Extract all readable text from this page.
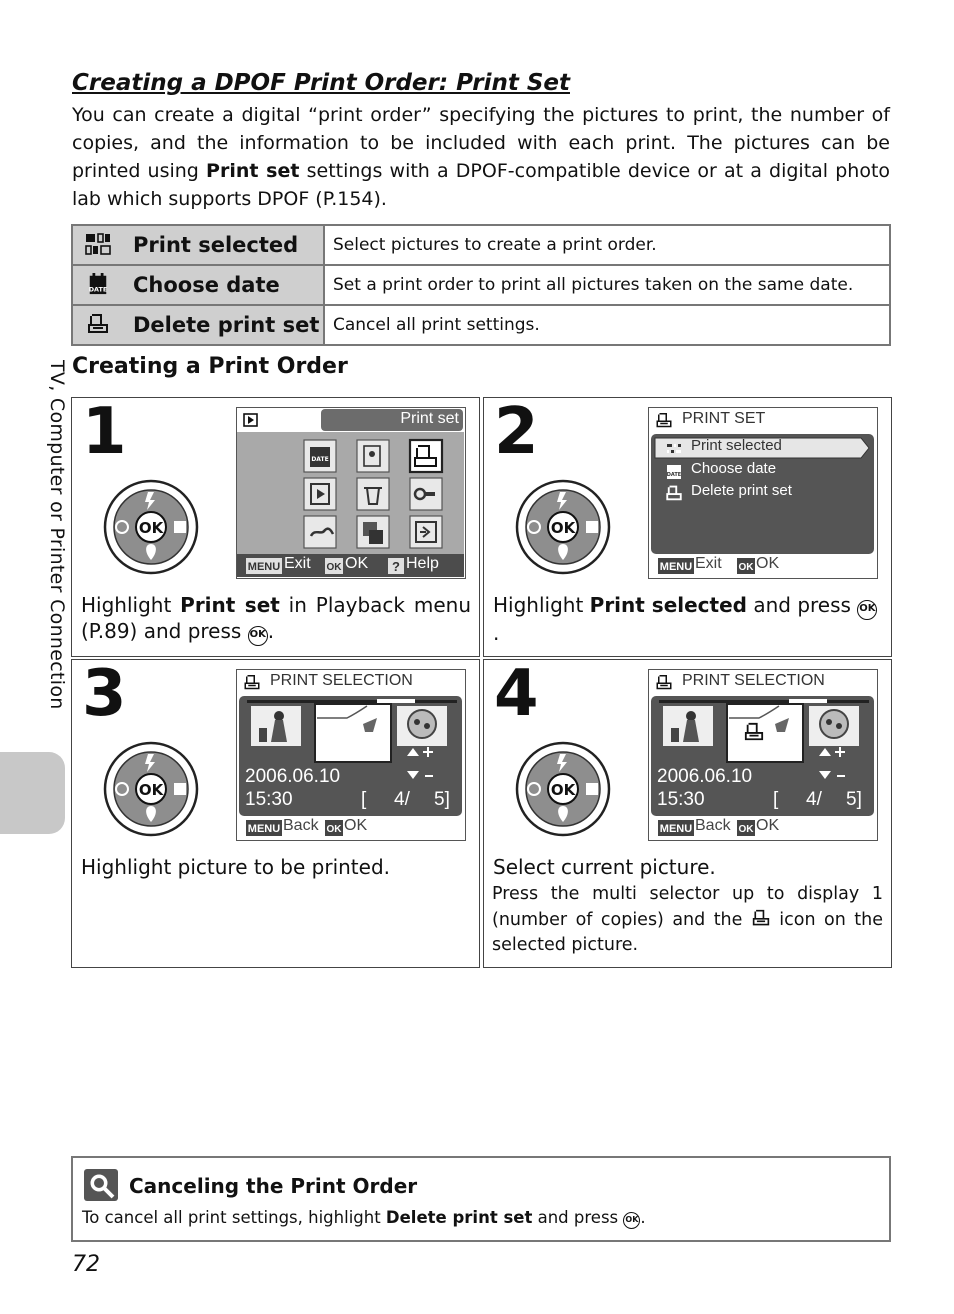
Creating a DPOF Print Order: Print Set

You can create a digital “print order” specifying the pictures to print, the number of copies, and the information to be included with each print. The pictures can be printed using Print set settings with a DPOF-compatible device or at a digital photo lab which supports DPOF (P.154).

Print selected	Select pictures to create a print order.

DATE Choose date	Set a print order to print all pictures taken on the same date.
Delete print set	Cancel all print settings.
TV, Computer or Printer Connection Creating a Print Order
1	DATE
MENU	OK	?
Print set
Exit OK Help

Highlight Print set in Playback menu (P.89) and press OK.

2
DATE
MENU	OK
PRINT SET
Print selected
Choose date
Delete print set
Exit OK

Highlight Print selected and press OK.

3
MENU	OK
PRINT SELECTION
2006.06.10
15:30	[ 4/ 5]
Back OK

Highlight picture to be printed.

4
MENU	OK
PRINT SELECTION
2006.06.10
15:30	[ 4/ 5]
Back OK

Select current picture.

Press the multi selector up to display 1 (number of copies) and the  icon on the selected picture.

Canceling the Print Order

To cancel all print settings, highlight Delete print set and press OK .

72
